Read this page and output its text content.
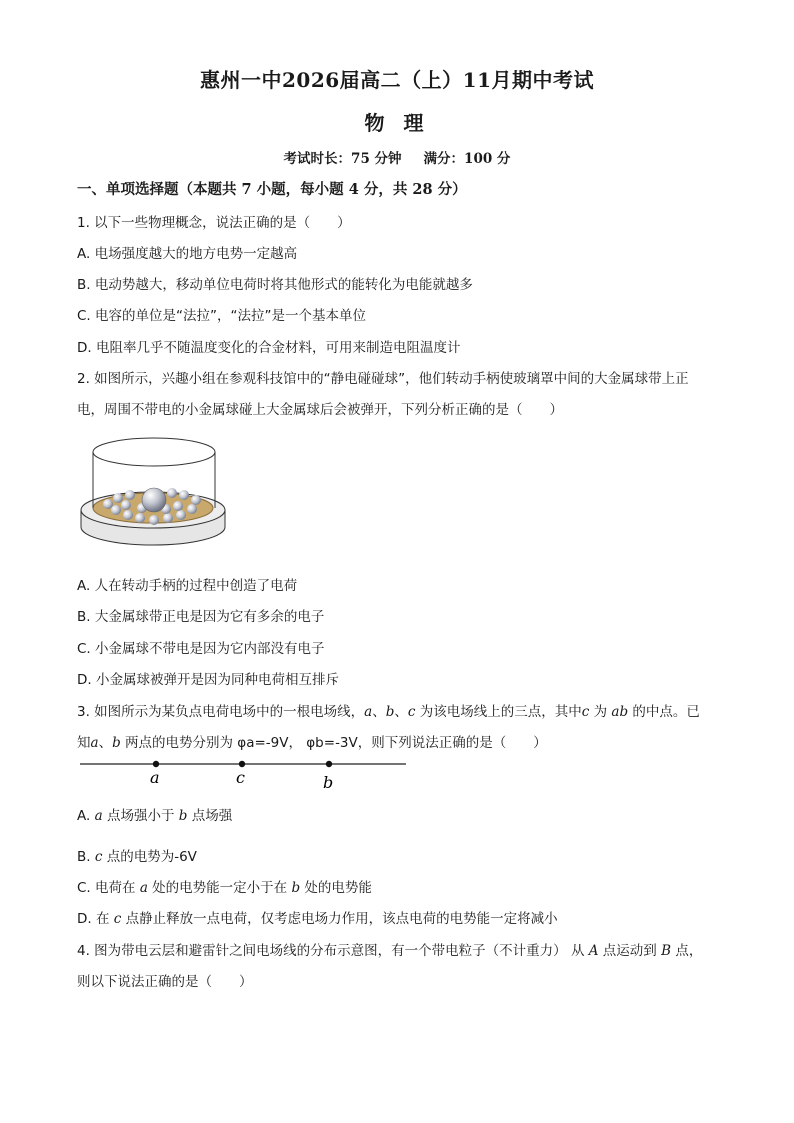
惠州一中2026届高二（上）11月期中考试
物 理
考试时长：75 分钟 满分：100 分
一、单项选择题（本题共 7 小题，每小题 4 分，共 28 分）
1. 以下一些物理概念，说法正确的是（　　）
A. 电场强度越大的地方电势一定越高
B. 电动势越大，移动单位电荷时将其他形式的能转化为电能就越多
C. 电容的单位是“法拉”，“法拉”是一个基本单位
D. 电阻率几乎不随温度变化的合金材料，可用来制造电阻温度计
2. 如图所示，兴趣小组在参观科技馆中的“静电碰碰球”，他们转动手柄使玻璃罩中间的大金属球带上正
电，周围不带电的小金属球碰上大金属球后会被弹开，下列分析正确的是（　　）
A. 人在转动手柄的过程中创造了电荷
B. 大金属球带正电是因为它有多余的电子
C. 小金属球不带电是因为它内部没有电子
D. 小金属球被弹开是因为同种电荷相互排斥
3. 如图所示为某负点电荷电场中的一根电场线，a、b、c 为该电场线上的三点，其中c 为 ab 的中点。已
知a、b 两点的电势分别为 φa=-9V， φb=-3V，则下列说法正确的是（　　）
a	c	b
A. a 点场强小于 b 点场强
B. c 点的电势为-6V
C. 电荷在 a 处的电势能一定小于在 b 处的电势能
D. 在 c 点静止释放一点电荷，仅考虑电场力作用，该点电荷的电势能一定将减小
4. 图为带电云层和避雷针之间电场线的分布示意图，有一个带电粒子（不计重力） 从 A 点运动到 B 点，
则以下说法正确的是（　　）
